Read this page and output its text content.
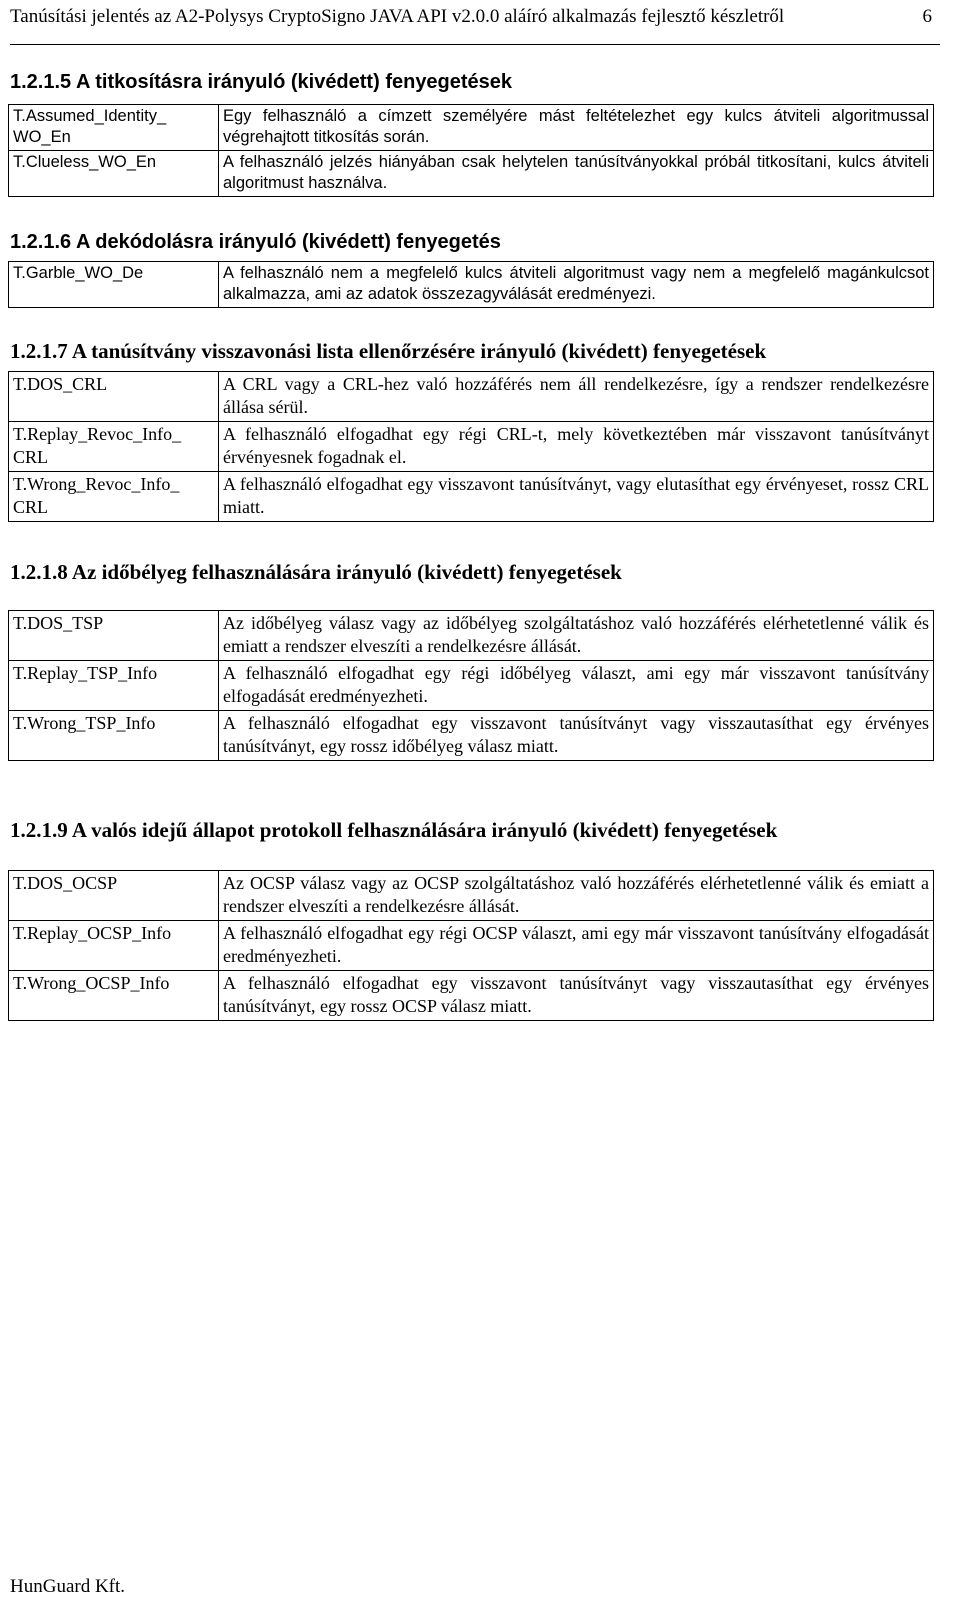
Tanúsítási jelentés az A2-Polysys CryptoSigno JAVA API v2.0.0 aláíró alkalmazás fejlesztő készletről	6
1.2.1.5 A titkosításra irányuló (kivédett) fenyegetések
T.Assumed_Identity_ WO_En	Egy felhasználó a címzett személyére mást feltételezhet egy kulcs átviteli algoritmussal végrehajtott titkosítás során.
T.Clueless_WO_En	A felhasználó jelzés hiányában csak helytelen tanúsítványokkal próbál titkosítani, kulcs átviteli algoritmust használva.
1.2.1.6 A dekódolásra irányuló (kivédett) fenyegetés
T.Garble_WO_De	A felhasználó nem a megfelelő kulcs átviteli algoritmust vagy nem a megfelelő magánkulcsot alkalmazza, ami az adatok összezagyválását eredményezi.
1.2.1.7 A tanúsítvány visszavonási lista ellenőrzésére irányuló (kivédett) fenyegetések
T.DOS_CRL	A CRL vagy a CRL-hez való hozzáférés nem áll rendelkezésre, így a rendszer rendelkezésre állása sérül.
T.Replay_Revoc_Info_ CRL	A felhasználó elfogadhat egy régi CRL-t, mely következtében már visszavont tanúsítványt érvényesnek fogadnak el.
T.Wrong_Revoc_Info_ CRL	A felhasználó elfogadhat egy visszavont tanúsítványt, vagy elutasíthat egy érvényeset, rossz CRL miatt.
1.2.1.8 Az időbélyeg felhasználására irányuló (kivédett) fenyegetések
T.DOS_TSP	Az időbélyeg válasz vagy az időbélyeg szolgáltatáshoz való hozzáférés elérhetetlenné válik és emiatt a rendszer elveszíti a rendelkezésre állását.
T.Replay_TSP_Info	A felhasználó elfogadhat egy régi időbélyeg választ, ami egy már visszavont tanúsítvány elfogadását eredményezheti.
T.Wrong_TSP_Info	A felhasználó elfogadhat egy visszavont tanúsítványt vagy visszautasíthat egy érvényes tanúsítványt, egy rossz időbélyeg válasz miatt.
1.2.1.9 A valós idejű állapot protokoll felhasználására irányuló (kivédett) fenyegetések
T.DOS_OCSP	Az OCSP válasz vagy az OCSP szolgáltatáshoz való hozzáférés elérhetetlenné válik és emiatt a rendszer elveszíti a rendelkezésre állását.
T.Replay_OCSP_Info	A felhasználó elfogadhat egy régi OCSP választ, ami egy már visszavont tanúsítvány elfogadását eredményezheti.
T.Wrong_OCSP_Info	A felhasználó elfogadhat egy visszavont tanúsítványt vagy visszautasíthat egy érvényes tanúsítványt, egy rossz OCSP válasz miatt.
HunGuard Kft.
